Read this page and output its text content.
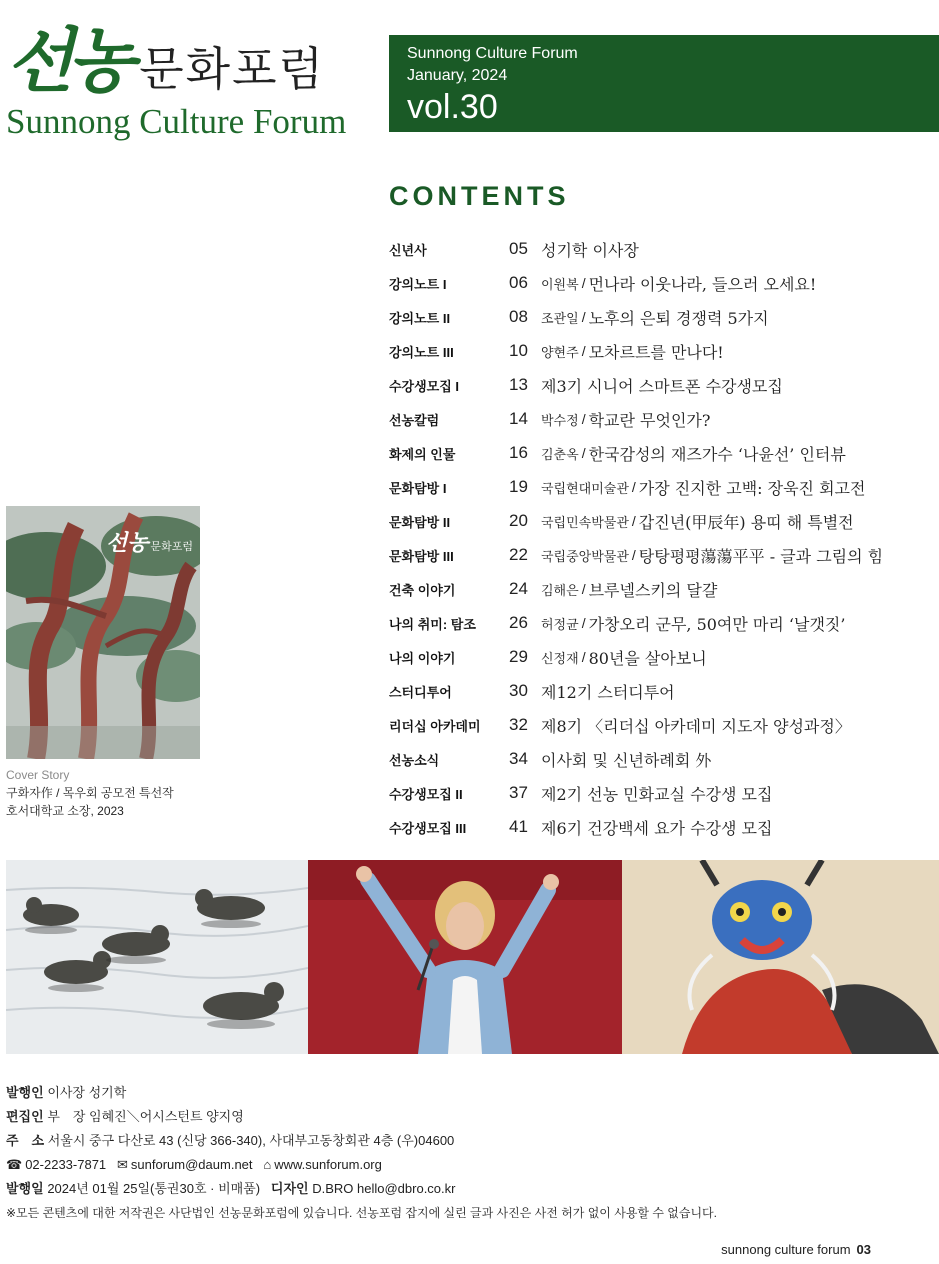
선농 문화포럼
Sunnong Culture Forum
Sunnong Culture Forum
January, 2024
vol.30
CONTENTS
신년사	05 성기학 이사장
강의노트 I	06	이원복 / 먼나라 이웃나라, 들으러 오세요!
강의노트 II	08	조관일 / 노후의 은퇴 경쟁력 5가지
강의노트 III	10	양현주 / 모차르트를 만나다!
수강생모집 I	13 제3기 시니어 스마트폰 수강생모집
선농칼럼	14	박수정 / 학교란 무엇인가?
화제의 인물	16	김춘옥 / 한국감성의 재즈가수 ‘나윤선’ 인터뷰
문화탐방 I	19	국립현대미술관 / 가장 진지한 고백: 장욱진 회고전
문화탐방 II	20	국립민속박물관 / 갑진년(甲辰年) 용띠 해 특별전
문화탐방 III	22	국립중앙박물관 / 탕탕평평蕩蕩平平 - 글과 그림의 힘
건축 이야기	24	김해은 / 브루넬스키의 달걀
나의 취미: 탐조	26	허정균 / 가창오리 군무, 50여만 마리 ‘날갯짓’
나의 이야기	29	신정재 / 80년을 살아보니
스터디투어	30 제12기 스터디투어
리더십 아카데미	32 제8기 〈리더십 아카데미 지도자 양성과정〉
선농소식	34 이사회 및 신년하례회 外
수강생모집 II	37 제2기 선농 민화교실 수강생 모집
수강생모집 III	41 제6기 건강백세 요가 수강생 모집
선농 문화포럼
Cover Story
구화자作 / 목우회 공모전 특선작
호서대학교 소장, 2023
발행인 이사장 성기학
편집인 부　장 임혜진＼어시스턴트 양지영
주　소 서울시 중구 다산로 43 (신당 366-340), 사대부고동창회관 4층 (우)04600
☎ 02-2233-7871 ✉ sunforum@daum.net ⌂ www.sunforum.org
발행일 2024년 01월 25일(통권30호 · 비매품) 디자인 D.BRO hello@dbro.co.kr
※모든 콘텐츠에 대한 저작권은 사단법인 선농문화포럼에 있습니다. 선농포럼 잡지에 실린 글과 사진은 사전 허가 없이 사용할 수 없습니다.
sunnong culture forum 03
